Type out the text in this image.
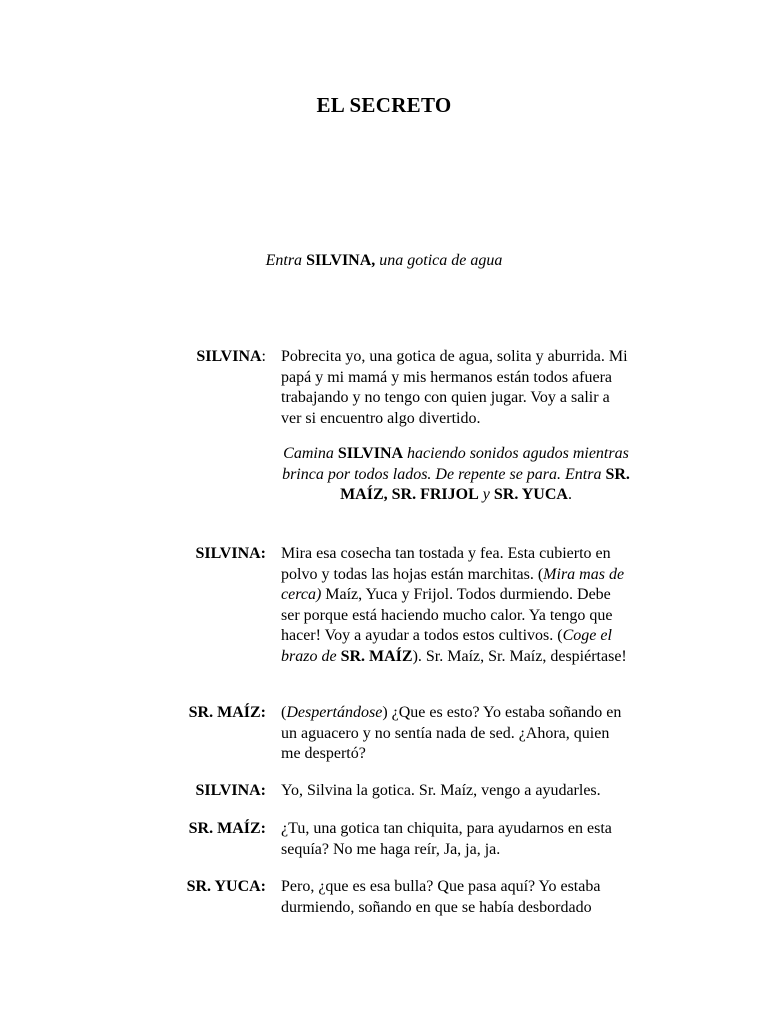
EL SECRETO
Entra SILVINA, una gotica de agua
SILVINA: Pobrecita yo, una gotica de agua, solita y aburrida. Mi papá y mi mamá y mis hermanos están todos afuera trabajando y no tengo con quien jugar. Voy a salir a ver si encuentro algo divertido.
Camina SILVINA haciendo sonidos agudos mientras brinca por todos lados. De repente se para. Entra SR. MAÍZ, SR. FRIJOL y SR. YUCA.
SILVINA: Mira esa cosecha tan tostada y fea. Esta cubierto en polvo y todas las hojas están marchitas. (Mira mas de cerca) Maíz, Yuca y Frijol. Todos durmiendo. Debe ser porque está haciendo mucho calor. Ya tengo que hacer! Voy a ayudar a todos estos cultivos. (Coge el brazo de SR. MAÍZ). Sr. Maíz, Sr. Maíz, despiértase!
SR. MAÍZ: (Despertándose) ¿Que es esto? Yo estaba soñando en un aguacero y no sentía nada de sed. ¿Ahora, quien me despertó?
SILVINA: Yo, Silvina la gotica. Sr. Maíz, vengo a ayudarles.
SR. MAÍZ: ¿Tu, una gotica tan chiquita, para ayudarnos en esta sequía? No me haga reír, Ja, ja, ja.
SR. YUCA: Pero, ¿que es esa bulla? Que pasa aquí? Yo estaba durmiendo, soñando en que se había desbordado
